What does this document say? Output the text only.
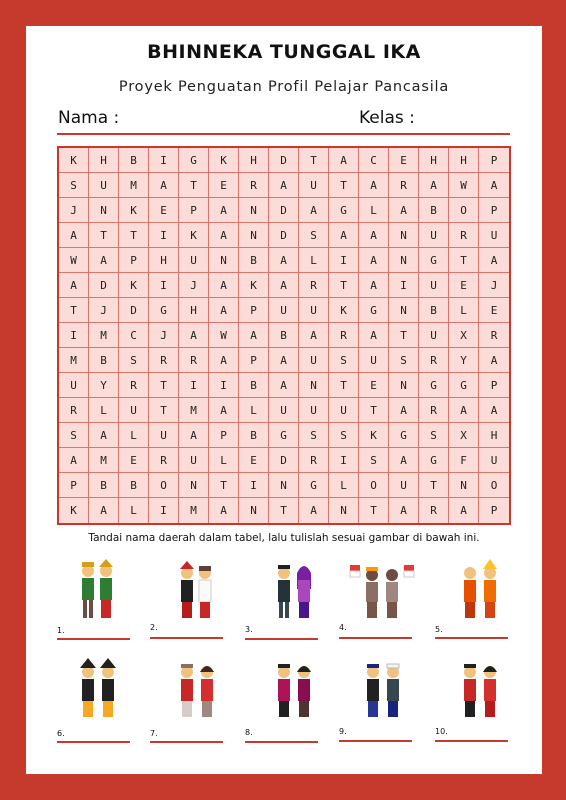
BHINNEKA TUNGGAL IKA
Proyek Penguatan Profil Pelajar Pancasila
Nama :	Kelas :
K	H	B	I	G	K	H	D	T	A	C	E	H	H	P
S	U	M	A	T	E	R	A	U	T	A	R	A	W	A
J	N	K	E	P	A	N	D	A	G	L	A	B	O	P
A	T	T	I	K	A	N	D	S	A	A	N	U	R	U
W	A	P	H	U	N	B	A	L	I	A	N	G	T	A
A	D	K	I	J	A	K	A	R	T	A	I	U	E	J
T	J	D	G	H	A	P	U	U	K	G	N	B	L	E
I	M	C	J	A	W	A	B	A	R	A	T	U	X	R
M	B	S	R	R	A	P	A	U	S	U	S	R	Y	A
U	Y	R	T	I	I	B	A	N	T	E	N	G	G	P
R	L	U	T	M	A	L	U	U	U	T	A	R	A	A
S	A	L	U	A	P	B	G	S	S	K	G	S	X	H
A	M	E	R	U	L	E	D	R	I	S	A	G	F	U
P	B	B	O	N	T	I	N	G	L	O	U	T	N	O
K	A	L	I	M	A	N	T	A	N	T	A	R	A	P
Tandai nama daerah dalam tabel, lalu tulislah sesuai gambar di bawah ini.
1.	2.	3.	4.	5.
6.	7.	8.	9.	10.
